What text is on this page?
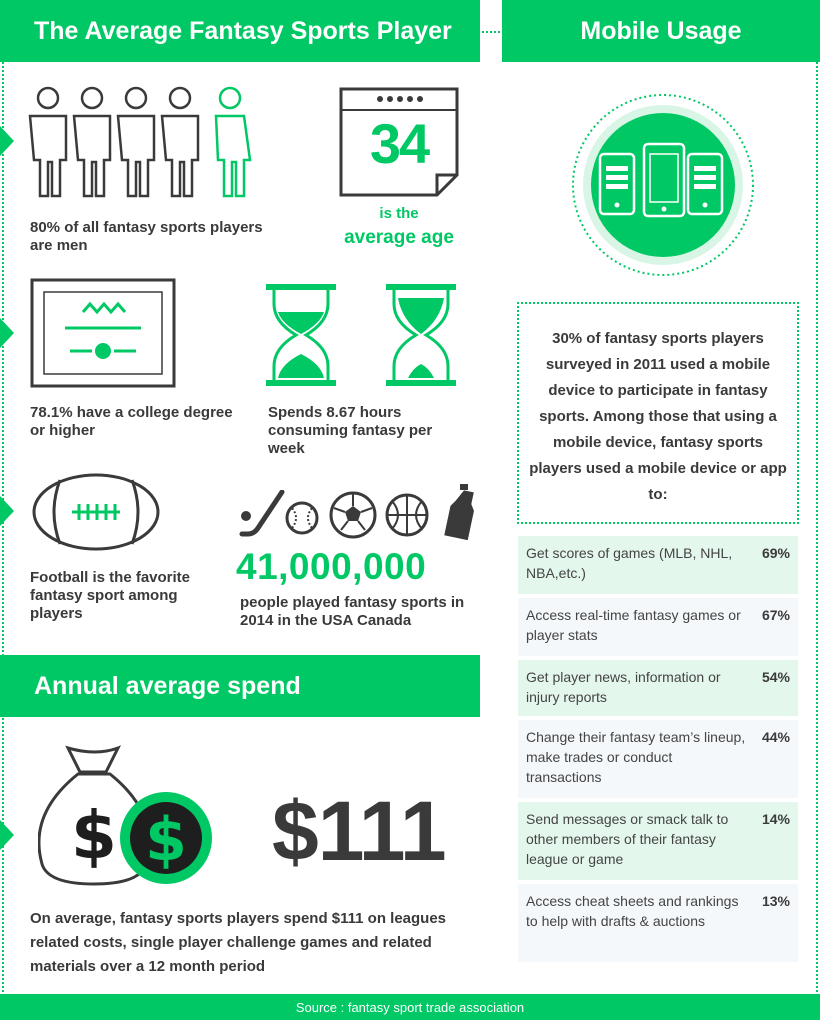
The Average Fantasy Sports Player	Mobile Usage
80% of all fantasy sports players are men
34
is the
average age
78.1% have a college degree or higher
Spends 8.67 hours consuming fantasy per week
Football is the favorite fantasy sport among players
41,000,000
people played fantasy sports in 2014 in the USA Canada
Annual average spend
$ $ $111
On average, fantasy sports players spend $111 on leagues related costs, single player challenge games and related materials over a 12 month period
30% of fantasy sports players surveyed in 2011 used a mobile device to participate in fantasy sports. Among those that using a mobile device, fantasy sports players used a mobile device or app to:
Get scores of games (MLB, NHL, NBA,etc.)
69%
Access real-time fantasy games or player stats
67%
Get player news, information or injury reports
54%
Change their fantasy team’s lineup, make trades or conduct transactions
44%
Send messages or smack talk to other members of their fantasy league or game
14%
Access cheat sheets and rankings to help with drafts & auctions
13%
Source : fantasy sport trade association
